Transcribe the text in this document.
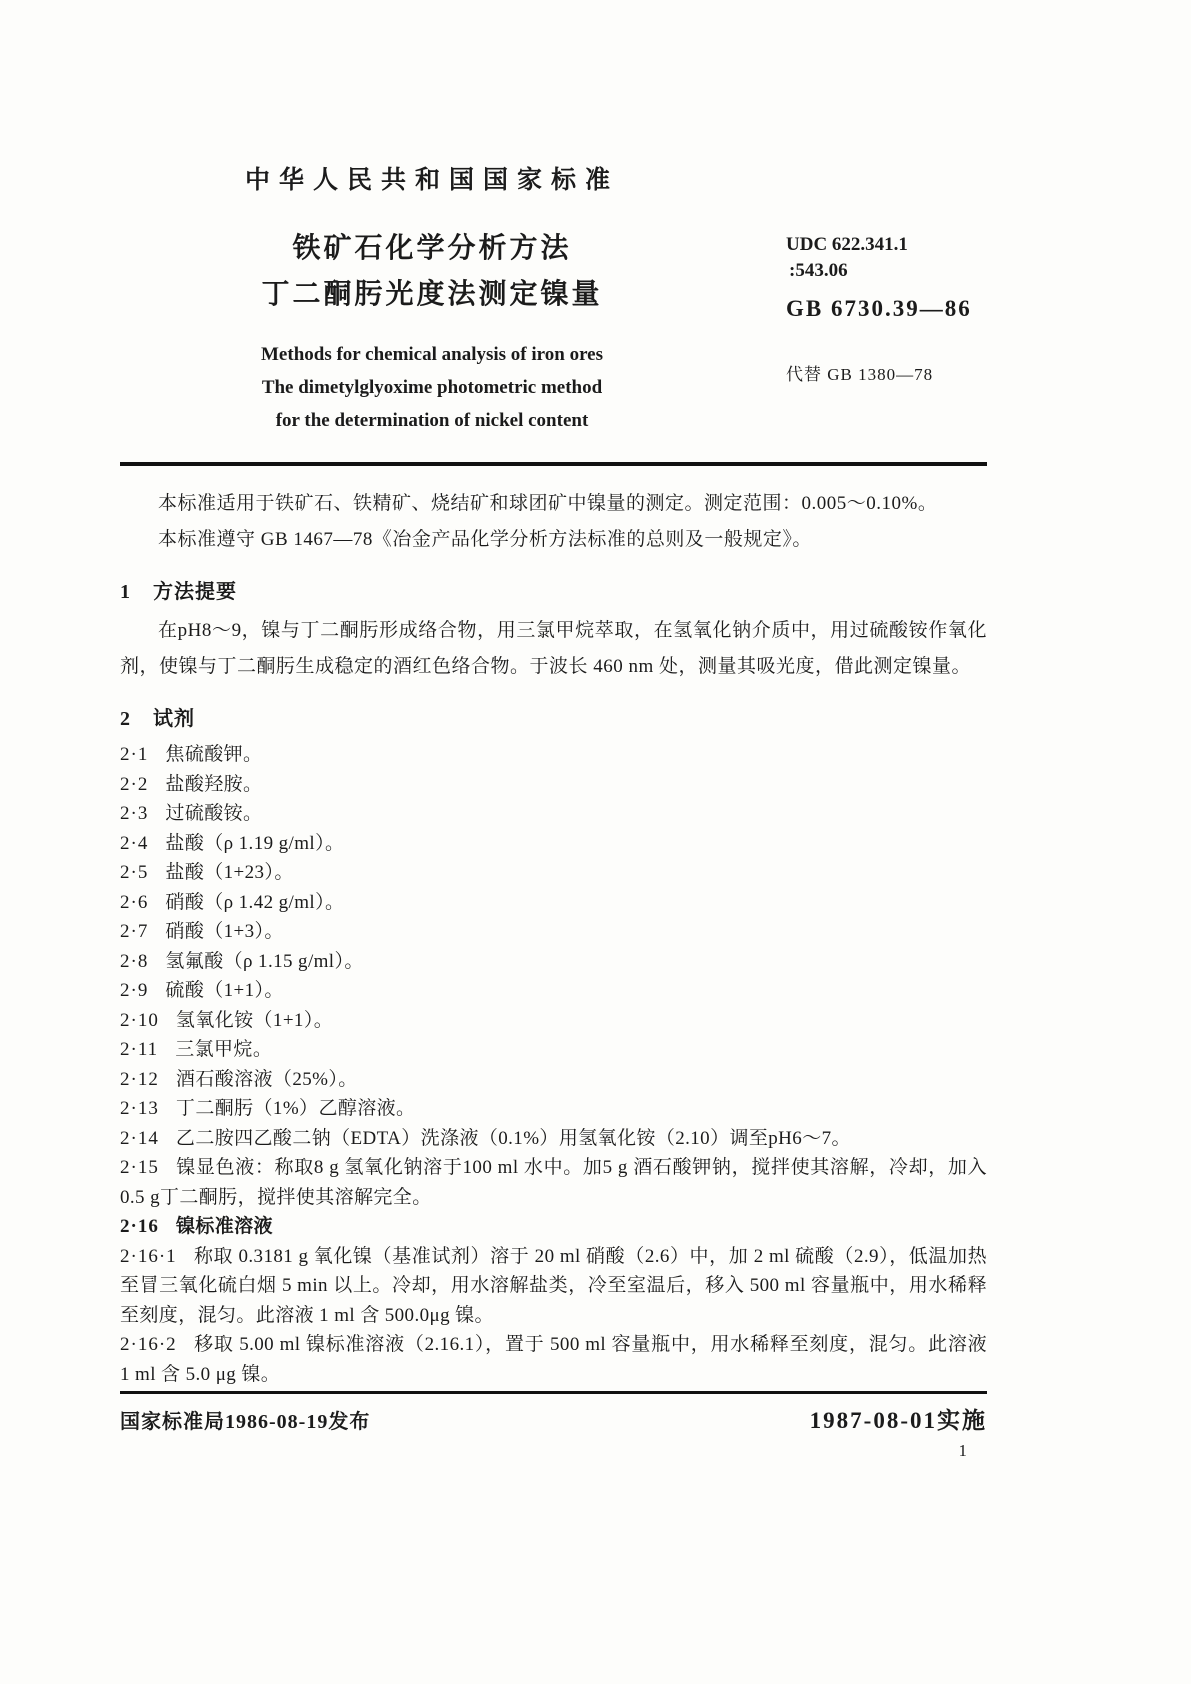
中华人民共和国国家标准
铁矿石化学分析方法
丁二酮肟光度法测定镍量
Methods for chemical analysis of iron ores
The dimetylglyoxime photometric method
for the determination of nickel content
UDC 622.341.1
:543.06
GB 6730.39—86
代替 GB 1380—78

本标准适用于铁矿石、铁精矿、烧结矿和球团矿中镍量的测定。测定范围：0.005～0.10%。

本标准遵守 GB 1467—78《冶金产品化学分析方法标准的总则及一般规定》。

1 方法提要

在pH8～9，镍与丁二酮肟形成络合物，用三氯甲烷萃取，在氢氧化钠介质中，用过硫酸铵作氧化剂，使镍与丁二酮肟生成稳定的酒红色络合物。于波长 460 nm 处，测量其吸光度，借此测定镍量。

2 试剂

2·1 焦硫酸钾。

2·2 盐酸羟胺。

2·3 过硫酸铵。

2·4 盐酸（ρ 1.19 g/ml）。

2·5 盐酸（1+23）。

2·6 硝酸（ρ 1.42 g/ml）。

2·7 硝酸（1+3）。

2·8 氢氟酸（ρ 1.15 g/ml）。

2·9 硫酸（1+1）。

2·10 氢氧化铵（1+1）。

2·11 三氯甲烷。

2·12 酒石酸溶液（25%）。

2·13 丁二酮肟（1%）乙醇溶液。

2·14 乙二胺四乙酸二钠（EDTA）洗涤液（0.1%）用氢氧化铵（2.10）调至pH6～7。

2·15 镍显色液：称取8 g 氢氧化钠溶于100 ml 水中。加5 g 酒石酸钾钠，搅拌使其溶解，冷却，加入0.5 g丁二酮肟，搅拌使其溶解完全。

2·16 镍标准溶液

2·16·1 称取 0.3181 g 氧化镍（基准试剂）溶于 20 ml 硝酸（2.6）中，加 2 ml 硫酸（2.9），低温加热至冒三氧化硫白烟 5 min 以上。冷却，用水溶解盐类，冷至室温后，移入 500 ml 容量瓶中，用水稀释至刻度，混匀。此溶液 1 ml 含 500.0μg 镍。

2·16·2 移取 5.00 ml 镍标准溶液（2.16.1），置于 500 ml 容量瓶中，用水稀释至刻度，混匀。此溶液 1 ml 含 5.0 μg 镍。

国家标准局1986-08-19发布	1987-08-01实施
1
